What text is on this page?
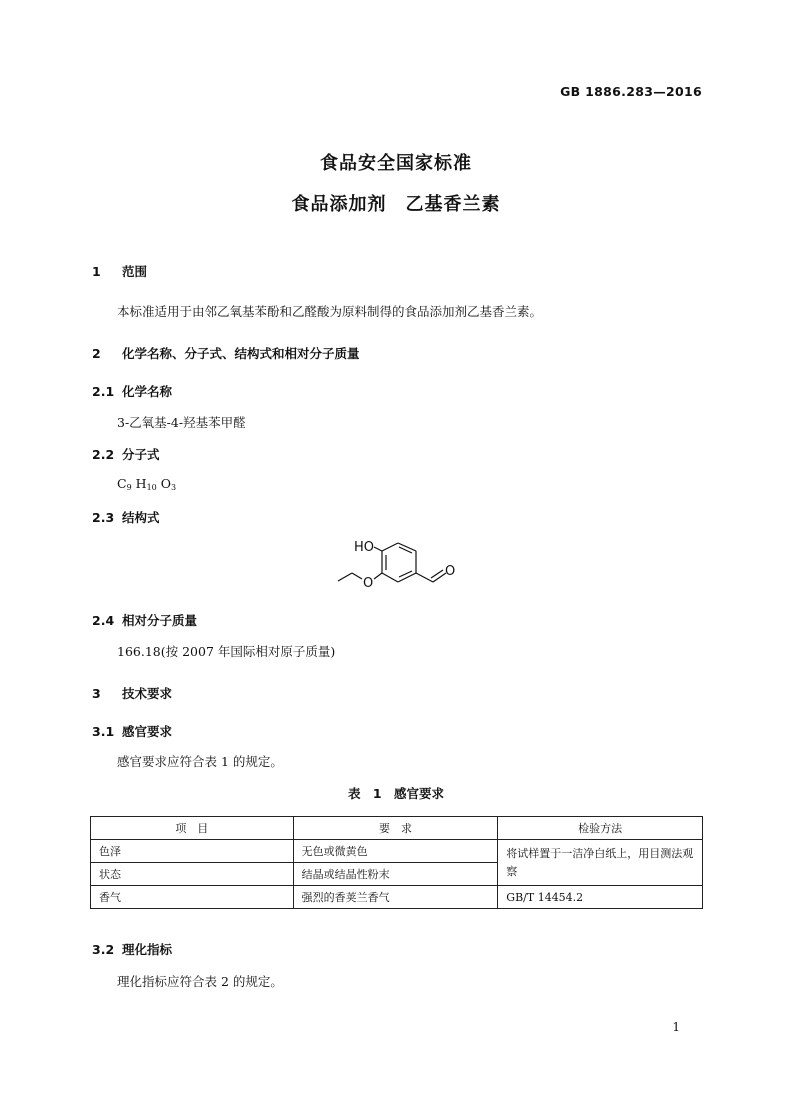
GB 1886.283—2016
食品安全国家标准
食品添加剂　乙基香兰素
1 范围
本标准适用于由邻乙氧基苯酚和乙醛酸为原料制得的食品添加剂乙基香兰素。
2 化学名称、分子式、结构式和相对分子质量
2.1 化学名称
3-乙氧基-4-羟基苯甲醛
2.2 分子式
$C_9$ $H_{10}$ $O_3$
2.3 结构式
HO
O
O
2.4 相对分子质量
166.18(按 2007 年国际相对原子质量)
3 技术要求
3.1 感官要求
感官要求应符合表 1 的规定。
表 1　感官要求
项　目	要　求	检验方法
色泽	无色或微黄色	将试样置于一洁净白纸上，用目测法观察
状态	结晶或结晶性粉末	
香气	强烈的香荚兰香气	GB/T 14454.2
3.2 理化指标
理化指标应符合表 2 的规定。
1
